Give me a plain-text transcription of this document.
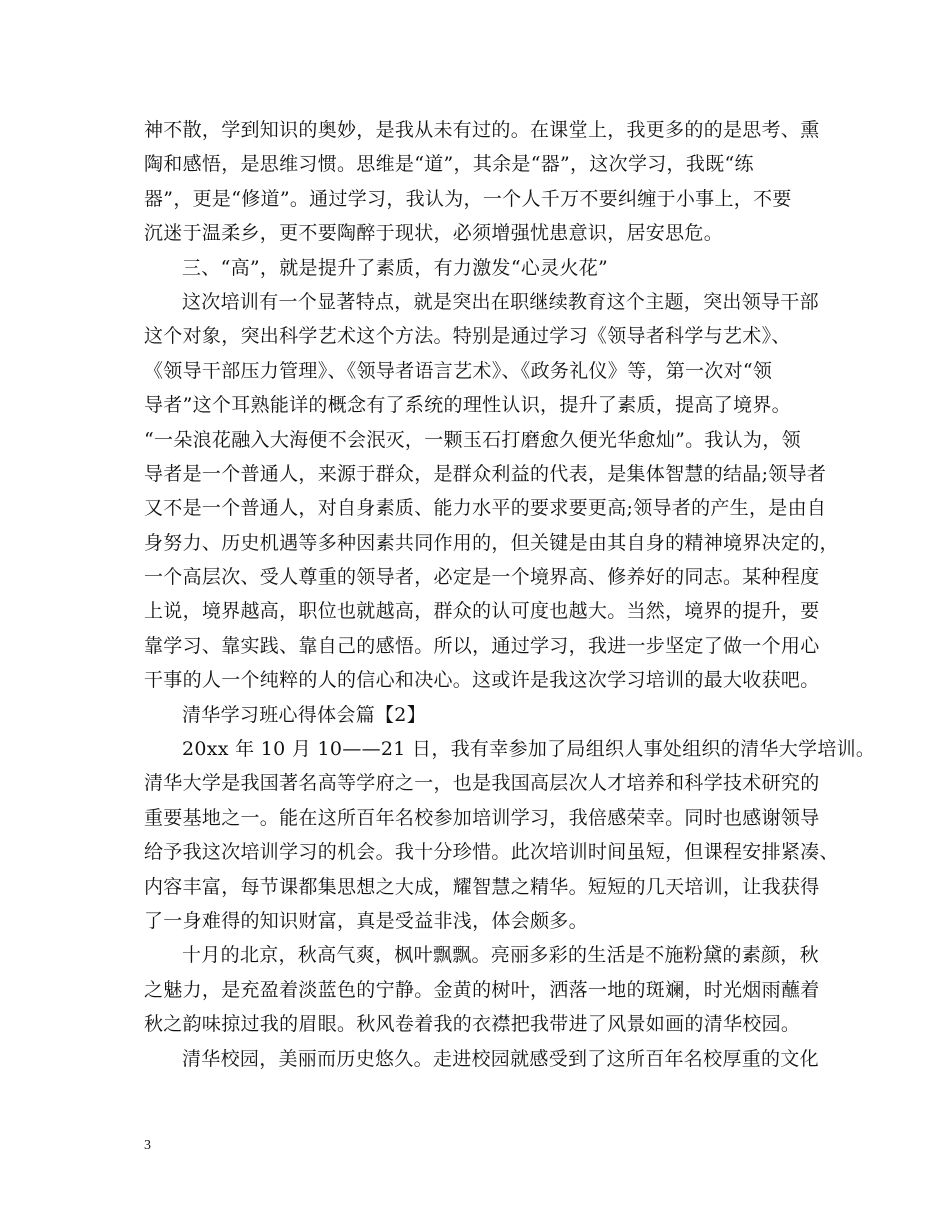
神不散，学到知识的奥妙，是我从未有过的。在课堂上，我更多的的是思考、熏
陶和感悟，是思维习惯。思维是“道”，其余是“器”，这次学习，我既“练
器”，更是“修道”。通过学习，我认为，一个人千万不要纠缠于小事上，不要
沉迷于温柔乡，更不要陶醉于现状，必须增强忧患意识，居安思危。
三、“高”，就是提升了素质，有力激发“心灵火花”
这次培训有一个显著特点，就是突出在职继续教育这个主题，突出领导干部
这个对象，突出科学艺术这个方法。特别是通过学习《领导者科学与艺术》、
《领导干部压力管理》、《领导者语言艺术》、《政务礼仪》等，第一次对“领
导者”这个耳熟能详的概念有了系统的理性认识，提升了素质，提高了境界。
“一朵浪花融入大海便不会泯灭，一颗玉石打磨愈久便光华愈灿”。我认为，领
导者是一个普通人，来源于群众，是群众利益的代表，是集体智慧的结晶;领导者
又不是一个普通人，对自身素质、能力水平的要求要更高;领导者的产生，是由自
身努力、历史机遇等多种因素共同作用的，但关键是由其自身的精神境界决定的，
一个高层次、受人尊重的领导者，必定是一个境界高、修养好的同志。某种程度
上说，境界越高，职位也就越高，群众的认可度也越大。当然，境界的提升，要
靠学习、靠实践、靠自己的感悟。所以，通过学习，我进一步坚定了做一个用心
干事的人一个纯粹的人的信心和决心。这或许是我这次学习培训的最大收获吧。
清华学习班心得体会篇【2】
20xx 年 10 月 10——21 日，我有幸参加了局组织人事处组织的清华大学培训。
清华大学是我国著名高等学府之一，也是我国高层次人才培养和科学技术研究的
重要基地之一。能在这所百年名校参加培训学习，我倍感荣幸。同时也感谢领导
给予我这次培训学习的机会。我十分珍惜。此次培训时间虽短，但课程安排紧凑、
内容丰富，每节课都集思想之大成，耀智慧之精华。短短的几天培训，让我获得
了一身难得的知识财富，真是受益非浅，体会颇多。
十月的北京，秋高气爽，枫叶飘飘。亮丽多彩的生活是不施粉黛的素颜，秋
之魅力，是充盈着淡蓝色的宁静。金黄的树叶，洒落一地的斑斓，时光烟雨蘸着
秋之韵味掠过我的眉眼。秋风卷着我的衣襟把我带进了风景如画的清华校园。
清华校园，美丽而历史悠久。走进校园就感受到了这所百年名校厚重的文化
3
